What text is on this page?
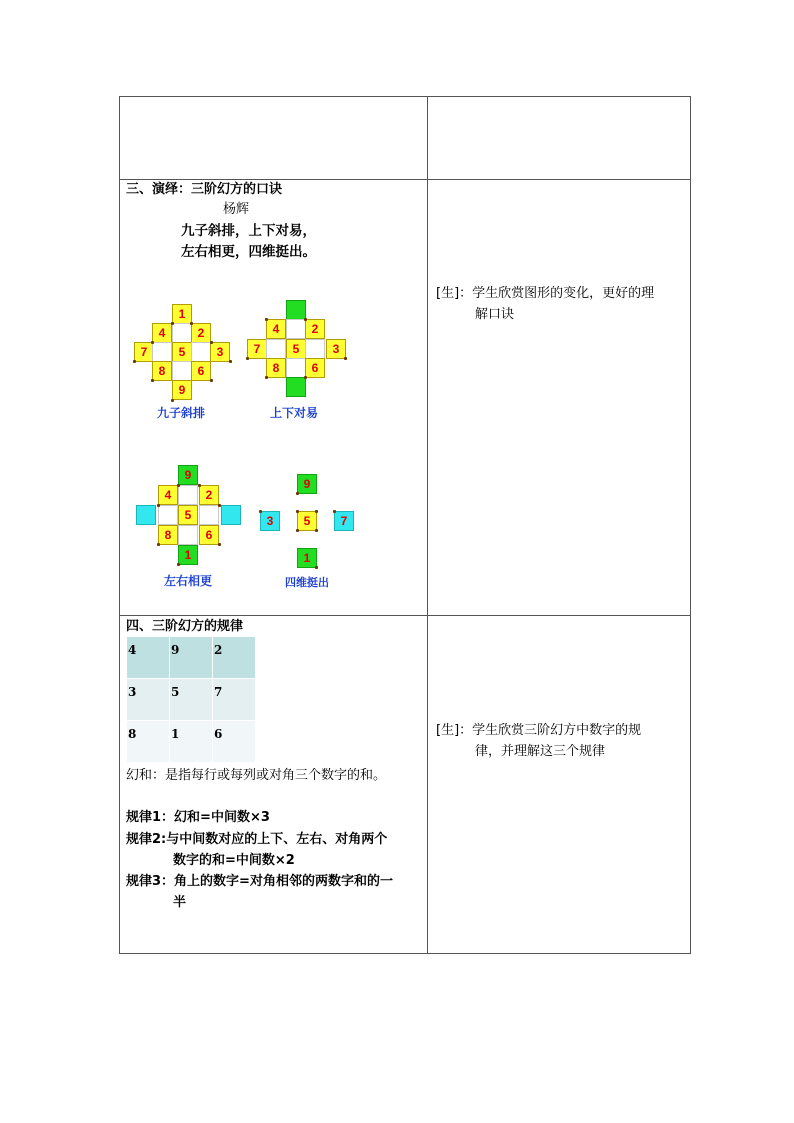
三、演绎：三阶幻方的口诀
杨辉
九子斜排，上下对易，
左右相更，四维挺出。
1
4	2
7	5	3
8	6
9
九子斜排
4	2
7	5	3
8	6
上下对易
9
4	2
5
8	6
1
左右相更
9
3	5	7
1
四维挺出
[生]：学生欣赏图形的变化，更好的理
解口诀
四、三阶幻方的规律
4	9	2
3	5	7
8	1	6
幻和：是指每行或每列或对角三个数字的和。
规律1：幻和=中间数×3
规律2:与中间数对应的上下、左右、对角两个
数字的和=中间数×2
规律3：角上的数字=对角相邻的两数字和的一
半
[生]：学生欣赏三阶幻方中数字的规
律，并理解这三个规律
